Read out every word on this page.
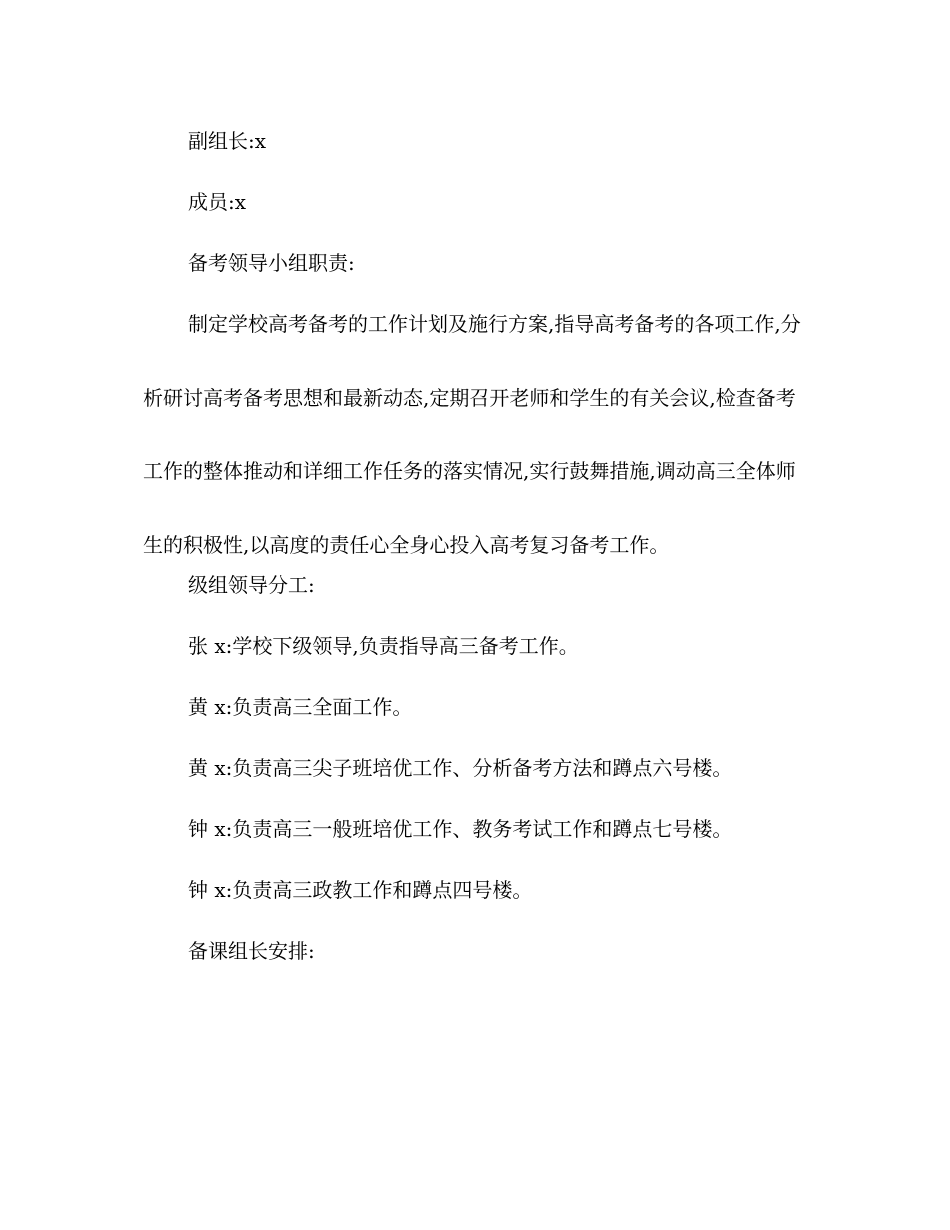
副组长:x
成员:x
备考领导小组职责:
制定学校高考备考的工作计划及施行方案,指导高考备考的各项工作,分析研讨高考备考思想和最新动态,定期召开老师和学生的有关会议,检查备考工作的整体推动和详细工作任务的落实情况,实行鼓舞措施,调动高三全体师生的积极性,以高度的责任心全身心投入高考复习备考工作。
级组领导分工:
张 x:学校下级领导,负责指导高三备考工作。
黄 x:负责高三全面工作。
黄 x:负责高三尖子班培优工作、分析备考方法和蹲点六号楼。
钟 x:负责高三一般班培优工作、教务考试工作和蹲点七号楼。
钟 x:负责高三政教工作和蹲点四号楼。
备课组长安排:
